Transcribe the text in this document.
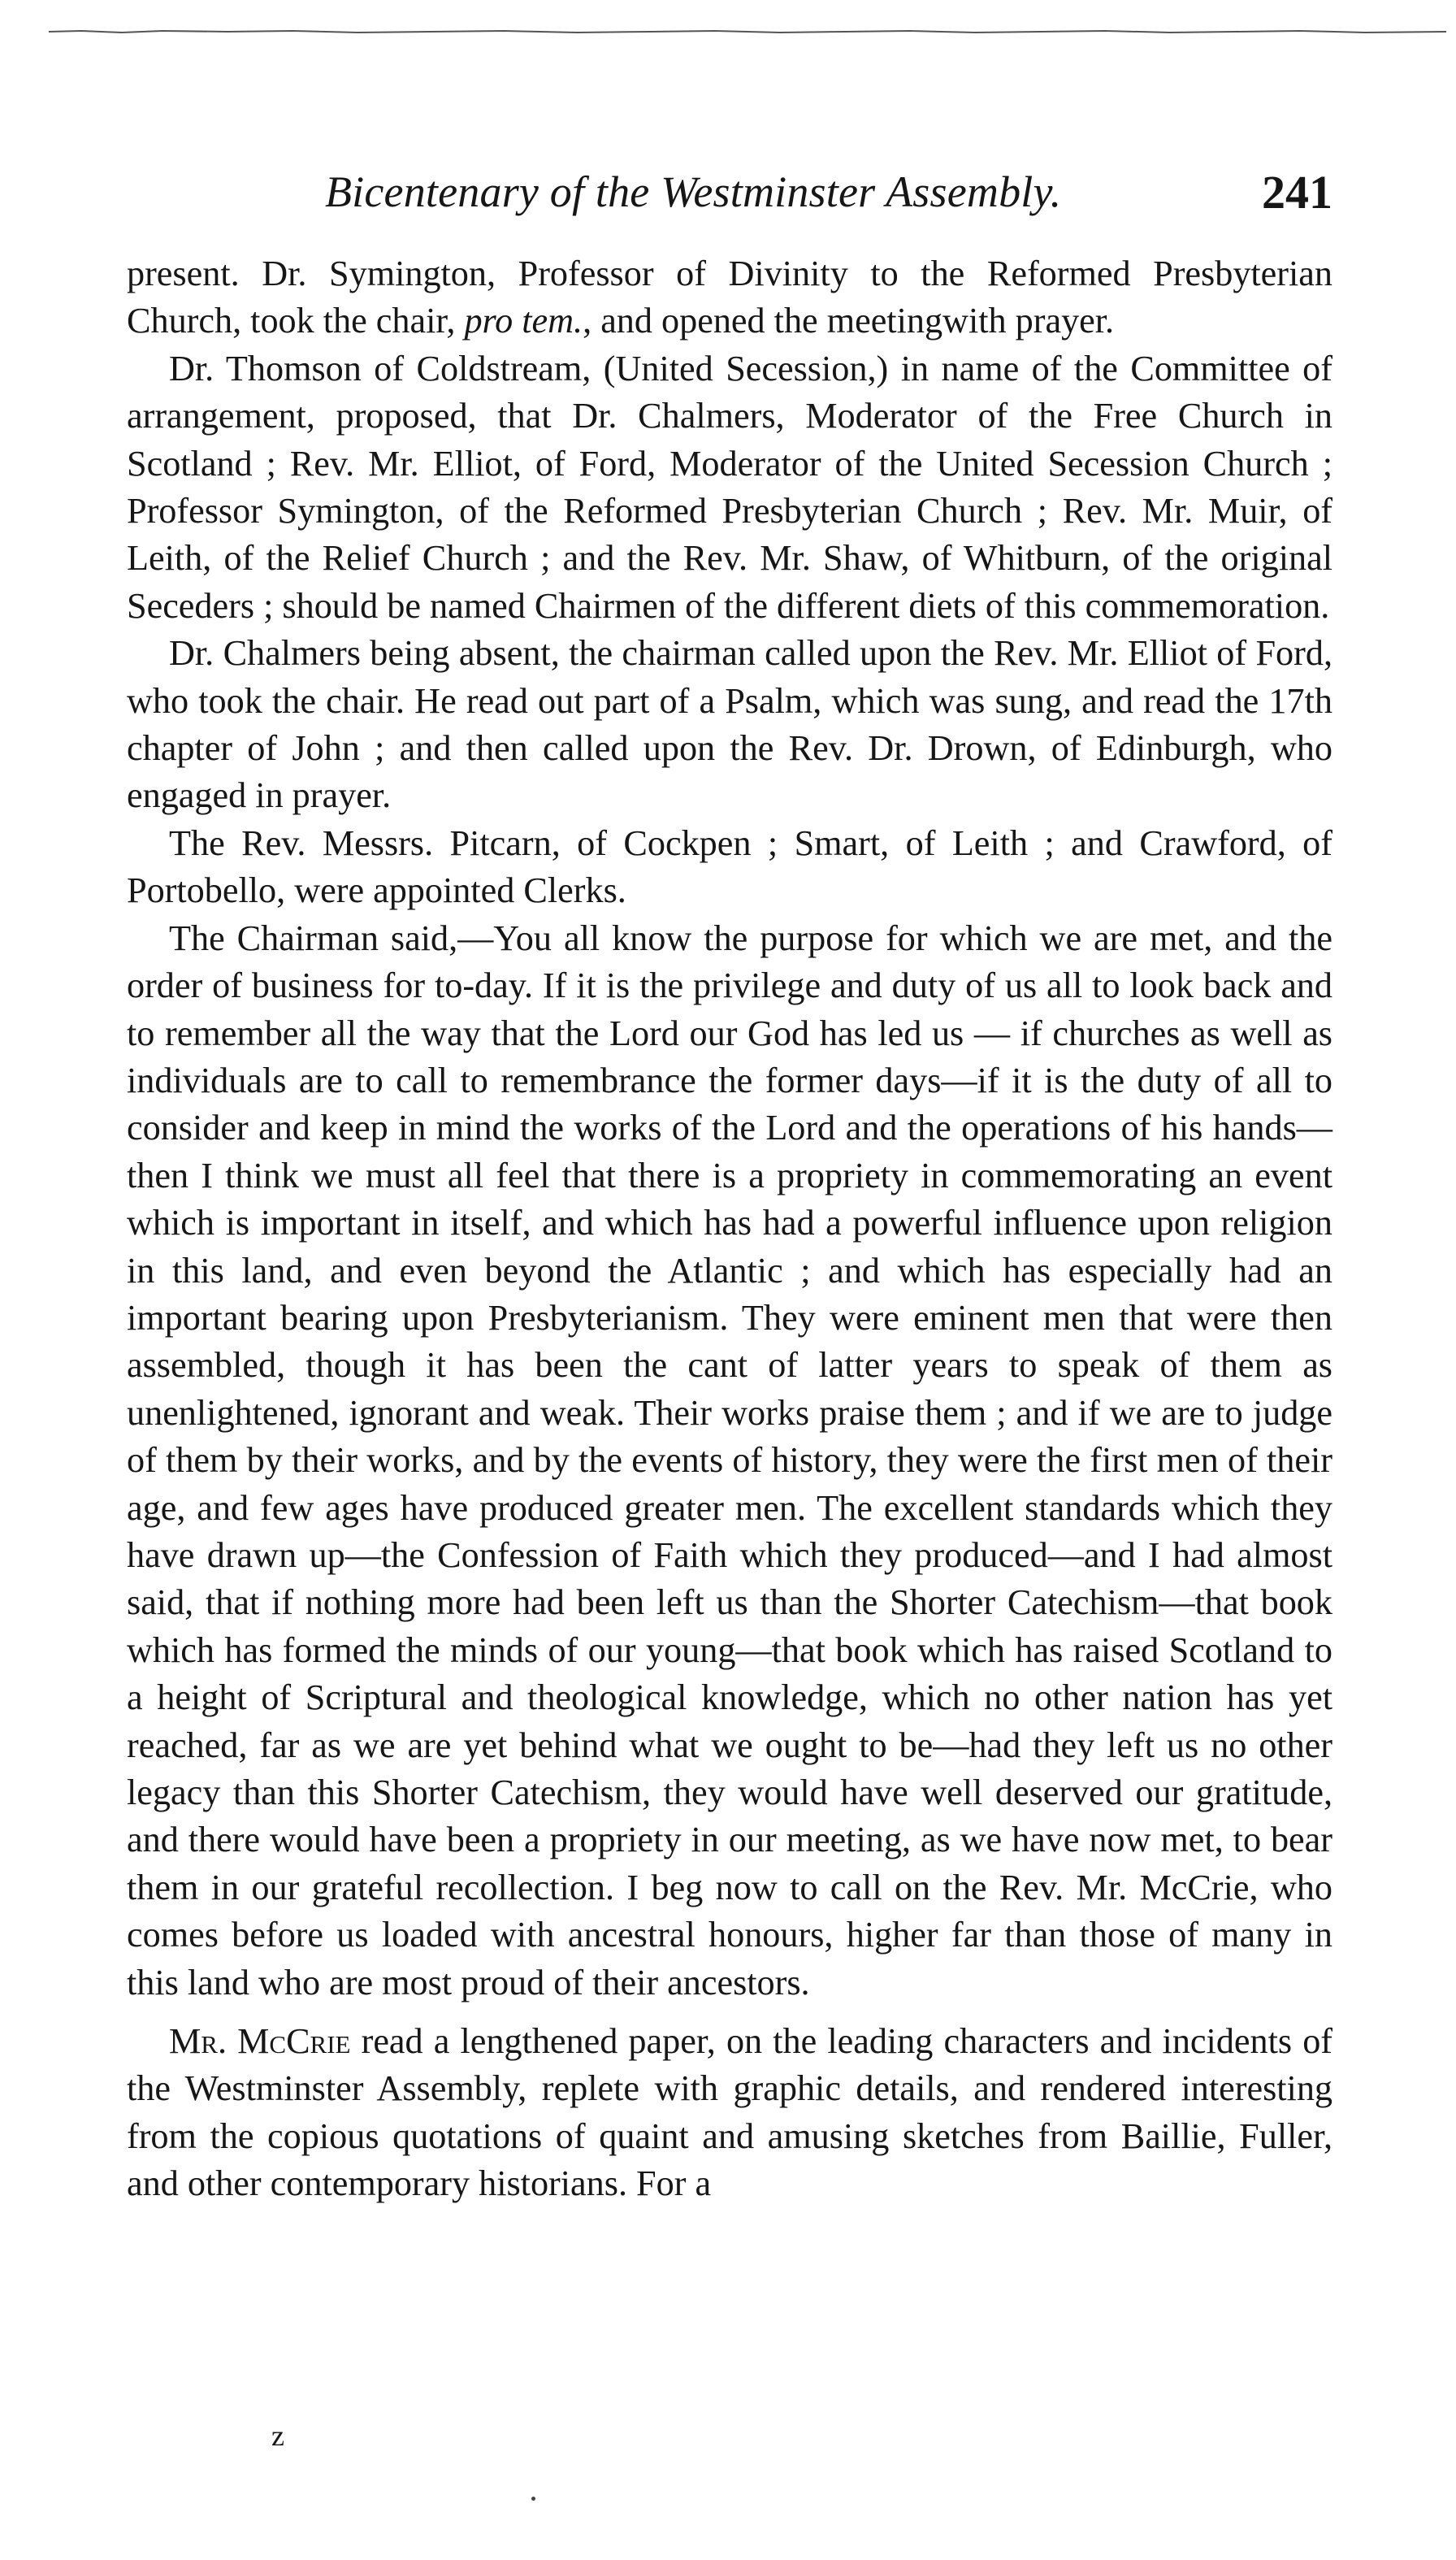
Bicentenary of the Westminster Assembly.	241

present. Dr. Symington, Professor of Divinity to the Reformed Presbyterian Church, took the chair, pro tem., and opened the meetingwith prayer.

Dr. Thomson of Coldstream, (United Secession,) in name of the Committee of arrangement, proposed, that Dr. Chalmers, Moderator of the Free Church in Scotland ; Rev. Mr. Elliot, of Ford, Moderator of the United Secession Church ; Professor Symington, of the Reformed Presbyterian Church ; Rev. Mr. Muir, of Leith, of the Relief Church ; and the Rev. Mr. Shaw, of Whitburn, of the original Seceders ; should be named Chairmen of the different diets of this commemoration.

Dr. Chalmers being absent, the chairman called upon the Rev. Mr. Elliot of Ford, who took the chair. He read out part of a Psalm, which was sung, and read the 17th chapter of John ; and then called upon the Rev. Dr. Drown, of Edinburgh, who engaged in prayer.

The Rev. Messrs. Pitcarn, of Cockpen ; Smart, of Leith ; and Crawford, of Portobello, were appointed Clerks.

The Chairman said,—You all know the purpose for which we are met, and the order of business for to-day. If it is the privilege and duty of us all to look back and to remember all the way that the Lord our God has led us — if churches as well as individuals are to call to remembrance the former days—if it is the duty of all to consider and keep in mind the works of the Lord and the operations of his hands—then I think we must all feel that there is a propriety in commemorating an event which is important in itself, and which has had a powerful influence upon religion in this land, and even beyond the Atlantic ; and which has especially had an important bearing upon Presbyterianism. They were eminent men that were then assembled, though it has been the cant of latter years to speak of them as unenlightened, ignorant and weak. Their works praise them ; and if we are to judge of them by their works, and by the events of history, they were the first men of their age, and few ages have produced greater men. The excellent standards which they have drawn up—the Confession of Faith which they produced—and I had almost said, that if nothing more had been left us than the Shorter Catechism—that book which has formed the minds of our young—that book which has raised Scotland to a height of Scriptural and theological knowledge, which no other nation has yet reached, far as we are yet behind what we ought to be—had they left us no other legacy than this Shorter Catechism, they would have well deserved our gratitude, and there would have been a propriety in our meeting, as we have now met, to bear them in our grateful recollection. I beg now to call on the Rev. Mr. McCrie, who comes before us loaded with ancestral honours, higher far than those of many in this land who are most proud of their ancestors.

Mr. McCrie read a lengthened paper, on the leading characters and incidents of the Westminster Assembly, replete with graphic details, and rendered interesting from the copious quotations of quaint and amusing sketches from Baillie, Fuller, and other contemporary historians. For a

z
